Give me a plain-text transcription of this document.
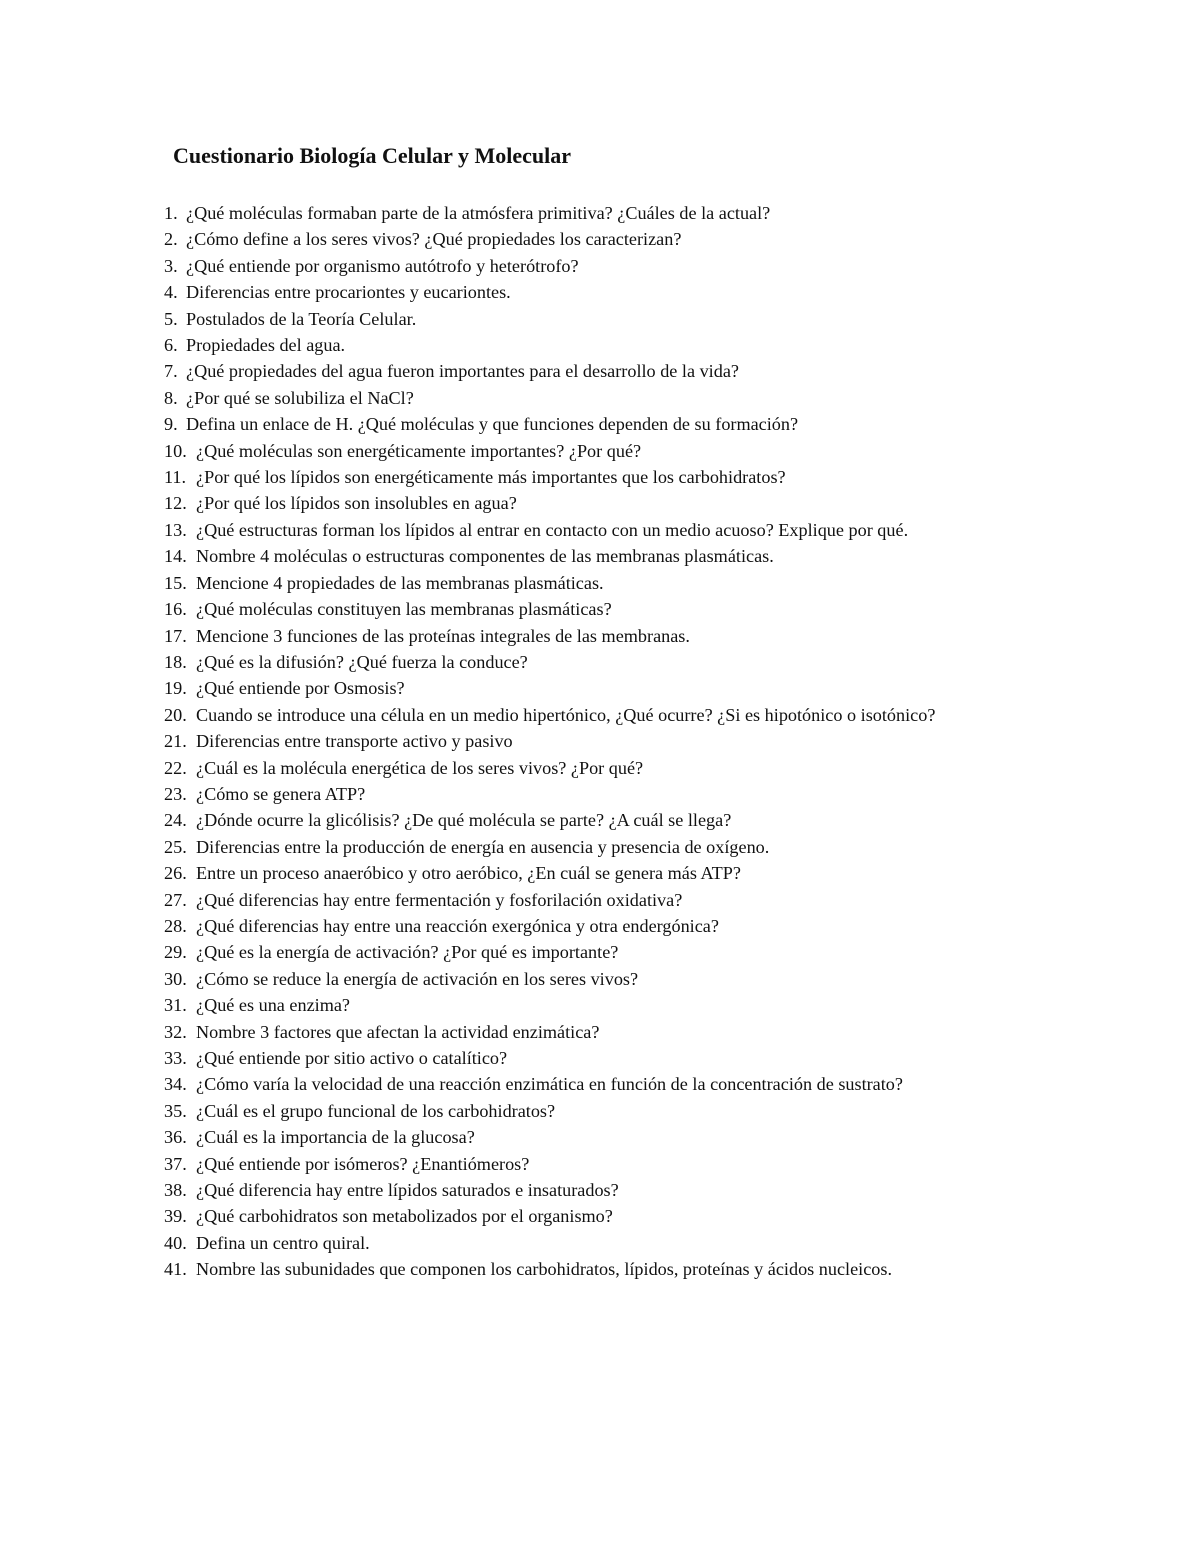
Cuestionario Biología Celular y Molecular
1. ¿Qué moléculas formaban parte de la atmósfera primitiva? ¿Cuáles de la actual?
2. ¿Cómo define a los seres vivos? ¿Qué propiedades los caracterizan?
3. ¿Qué entiende por organismo autótrofo y heterótrofo?
4. Diferencias entre procariontes y eucariontes.
5. Postulados de la Teoría Celular.
6. Propiedades del agua.
7. ¿Qué propiedades del agua fueron importantes para el desarrollo de la vida?
8. ¿Por qué se solubiliza el NaCl?
9. Defina un enlace de H. ¿Qué moléculas y que funciones dependen de su formación?
10. ¿Qué moléculas son energéticamente importantes? ¿Por qué?
11. ¿Por qué los lípidos son energéticamente más importantes que los carbohidratos?
12. ¿Por qué los lípidos son insolubles en agua?
13. ¿Qué estructuras forman los lípidos al entrar en contacto con un medio acuoso? Explique por qué.
14. Nombre 4 moléculas o estructuras componentes de las membranas plasmáticas.
15. Mencione 4 propiedades de las membranas plasmáticas.
16. ¿Qué moléculas constituyen las membranas plasmáticas?
17. Mencione 3 funciones de las proteínas integrales de las membranas.
18. ¿Qué es la difusión? ¿Qué fuerza la conduce?
19. ¿Qué entiende por Osmosis?
20. Cuando se introduce una célula en un medio hipertónico, ¿Qué ocurre? ¿Si es hipotónico o isotónico?
21. Diferencias entre transporte activo y pasivo
22. ¿Cuál es la molécula energética de los seres vivos? ¿Por qué?
23. ¿Cómo se genera ATP?
24. ¿Dónde ocurre la glicólisis? ¿De qué molécula se parte? ¿A cuál se llega?
25. Diferencias entre la producción de energía en ausencia y presencia de oxígeno.
26. Entre un proceso anaeróbico y otro aeróbico, ¿En cuál se genera más ATP?
27. ¿Qué diferencias hay entre fermentación y fosforilación oxidativa?
28. ¿Qué diferencias hay entre una reacción exergónica y otra endergónica?
29. ¿Qué es la energía de activación? ¿Por qué es importante?
30. ¿Cómo se reduce la energía de activación en los seres vivos?
31. ¿Qué es una enzima?
32. Nombre 3 factores que afectan la actividad enzimática?
33. ¿Qué entiende por sitio activo o catalítico?
34. ¿Cómo varía la velocidad de una reacción enzimática en función de la concentración de sustrato?
35. ¿Cuál es el grupo funcional de los carbohidratos?
36. ¿Cuál es la importancia de la glucosa?
37. ¿Qué entiende por isómeros? ¿Enantiómeros?
38. ¿Qué diferencia hay entre lípidos saturados e insaturados?
39. ¿Qué carbohidratos son metabolizados por el organismo?
40. Defina un centro quiral.
41. Nombre las subunidades que componen los carbohidratos, lípidos, proteínas y ácidos nucleicos.
